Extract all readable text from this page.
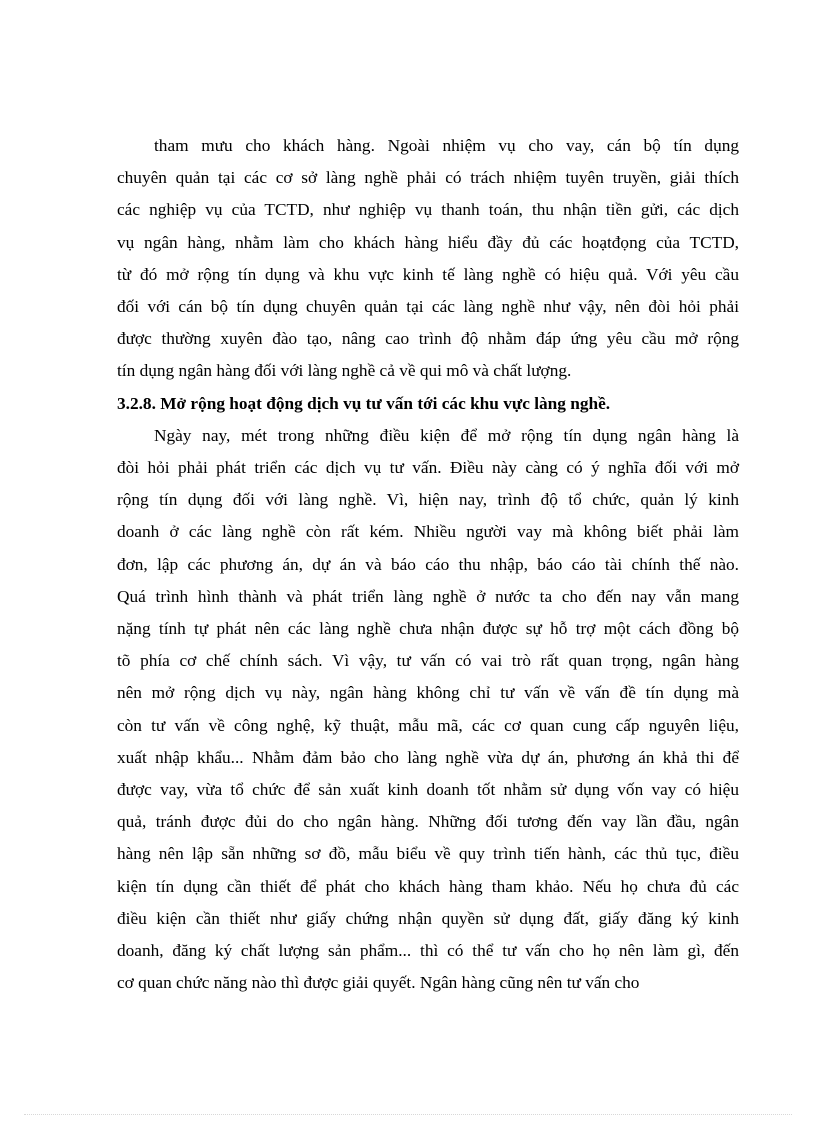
tham mưu cho khách hàng. Ngoài nhiệm vụ cho vay, cán bộ tín dụng
chuyên quản tại các cơ sở làng nghề phải có trách nhiệm tuyên truyền, giải thích
các nghiệp vụ của TCTD, như nghiệp vụ thanh toán, thu nhận tiền gửi, các dịch
vụ ngân hàng, nhằm làm cho khách hàng hiểu đầy đủ các hoạtđọng của TCTD,
từ đó mở rộng tín dụng và khu vực kinh tế làng nghề có hiệu quả. Với yêu cầu
đối với cán bộ tín dụng chuyên quản tại các làng nghề như vậy, nên đòi hỏi phải
được thường xuyên đào tạo, nâng cao trình độ nhằm đáp ứng yêu cầu mở rộng
tín dụng ngân hàng đối với làng nghề cả về qui mô và chất lượng.
3.2.8. Mở rộng hoạt động dịch vụ tư vấn tới các khu vực làng nghề.
Ngày nay, mét trong những điều kiện để mở rộng tín dụng ngân hàng là
đòi hỏi phải phát triển các dịch vụ tư vấn. Điều này càng có ý nghĩa đối với mở
rộng tín dụng đối với làng nghề. Vì, hiện nay, trình độ tổ chức, quản lý kinh
doanh ở các làng nghề còn rất kém. Nhiều người vay mà không biết phải làm
đơn, lập các phương án, dự án và báo cáo thu nhập, báo cáo tài chính thế nào.
Quá trình hình thành và phát triển làng nghề ở nước ta cho đến nay vẫn mang
nặng tính tự phát nên các làng nghề chưa nhận được sự hỗ trợ một cách đồng bộ
tõ phía cơ chế chính sách. Vì vậy, tư vấn có vai trò rất quan trọng, ngân hàng
nên mở rộng dịch vụ này, ngân hàng không chỉ tư vấn về vấn đề tín dụng mà
còn tư vấn về công nghệ, kỹ thuật, mẫu mã, các cơ quan cung cấp nguyên liệu,
xuất nhập khẩu... Nhằm đảm bảo cho làng nghề vừa dự án, phương án khả thi để
được vay, vừa tổ chức để sản xuất kinh doanh tốt nhằm sử dụng vốn vay có hiệu
quả, tránh được đủi do cho ngân hàng. Những đối tương đến vay lần đầu, ngân
hàng nên lập sẵn những sơ đồ, mẫu biểu về quy trình tiến hành, các thủ tục, điều
kiện tín dụng cần thiết để phát cho khách hàng tham khảo. Nếu họ chưa đủ các
điều kiện cần thiết như giấy chứng nhận quyền sử dụng đất, giấy đăng ký kinh
doanh, đăng ký chất lượng sản phẩm... thì có thể tư vấn cho họ nên làm gì, đến
cơ quan chức năng nào thì được giải quyết. Ngân hàng cũng nên tư vấn cho
